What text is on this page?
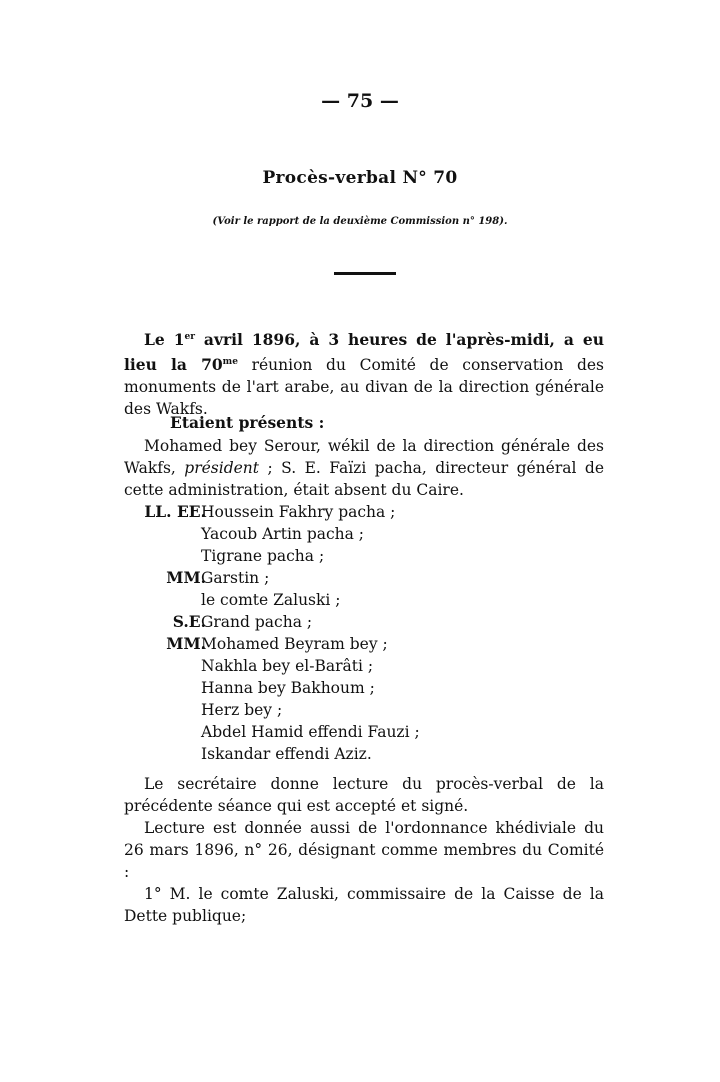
— 75 —
Procès-verbal N° 70
(Voir le rapport de la deuxième Commission n° 198).

Le 1er avril 1896, à 3 heures de l'après-midi, a eu lieu la $70^{me}$ réunion du Comité de conservation des monuments de l'art arabe, au divan de la direction générale des Wakfs.

Etaient présents :

Mohamed bey Serour, wékil de la direction générale des Wakfs, président ; S. E. Faïzi pacha, directeur général de cette administration, était absent du Caire.

LL. EE.
Houssein Fakhry pacha ;
Yacoub Artin pacha ;
Tigrane pacha ;
MM.
Garstin ;
le comte Zaluski ;
S.E.
Grand pacha ;
MM.
Mohamed Beyram bey ;
Nakhla bey el-Barâti ;
Hanna bey Bakhoum ;
Herz bey ;
Abdel Hamid effendi Fauzi ;
Iskandar effendi Aziz.

Le secrétaire donne lecture du procès-verbal de la précédente séance qui est accepté et signé.

Lecture est donnée aussi de l'ordonnance khédiviale du 26 mars 1896, n° 26, désignant comme membres du Comité :

1° M. le comte Zaluski, commissaire de la Caisse de la Dette publique;
